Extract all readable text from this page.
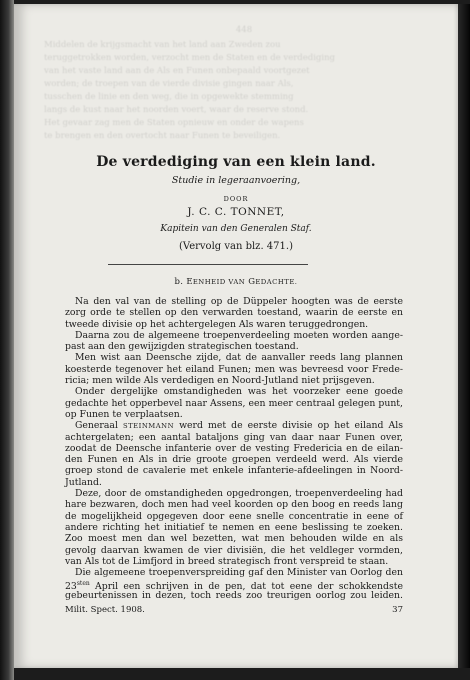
448
Middelen de krijgsmacht van het land aan Zweden zou
teruggetrokken worden, verzocht men de Staten en de verdediging
van het vaste land aan de Als en Funen onbepaald voortgezet
worden; de troepen van de vierde divisie gingen naar Als,
tusschen de linie en den weg, die in opgewekte stemming
langs de kust naar het noorden voert, waar de reserve stond.
Het gevaar zag men de Staten opnieuw en onder de wapens
te brengen en den overtocht naar Funen te beveiligen.
De verdediging van een klein land.
Studie in legeraanvoering,
DOOR
J. C. C. TONNET,
Kapitein van den Generalen Staf.
(Vervolg van blz. 471.)
b. EENHEID VAN GEDACHTE.
Na den val van de stelling op de Düppeler hoogten was de eerste
zorg orde te stellen op den verwarden toestand, waarin de eerste en
tweede divisie op het achtergelegen Als waren teruggedrongen.
Daarna zou de algemeene troepenverdeeling moeten worden aange-
past aan den gewijzigden strategischen toestand.
Men wist aan Deensche zijde, dat de aanvaller reeds lang plannen
koesterde tegenover het eiland Funen; men was bevreesd voor Frede-
ricia; men wilde Als verdedigen en Noord-Jutland niet prijsgeven.
Onder dergelijke omstandigheden was het voorzeker eene goede
gedachte het opperbevel naar Assens, een meer centraal gelegen punt,
op Funen te verplaatsen.
Generaal STEINMANN werd met de eerste divisie op het eiland Als
achtergelaten; een aantal bataljons ging van daar naar Funen over,
zoodat de Deensche infanterie over de vesting Fredericia en de eilan-
den Funen en Als in drie groote groepen verdeeld werd. Als vierde
groep stond de cavalerie met enkele infanterie-afdeelingen in Noord-
Jutland.
Deze, door de omstandigheden opgedrongen, troepenverdeeling had
hare bezwaren, doch men had veel koorden op den boog en reeds lang
de mogelijkheid opgegeven door eene snelle concentratie in eene of
andere richting het initiatief te nemen en eene beslissing te zoeken.
Zoo moest men dan wel bezetten, wat men behouden wilde en als
gevolg daarvan kwamen de vier divisiën, die het veldleger vormden,
van Als tot de Limfjord in breed strategisch front verspreid te staan.
Die algemeene troepenverspreiding gaf den Minister van Oorlog den
$23^{sten}$ April een schrijven in de pen, dat tot eene der schokkendste
gebeurtenissen in dezen, toch reeds zoo treurigen oorlog zou leiden.
Milit. Spect. 1908.	37
